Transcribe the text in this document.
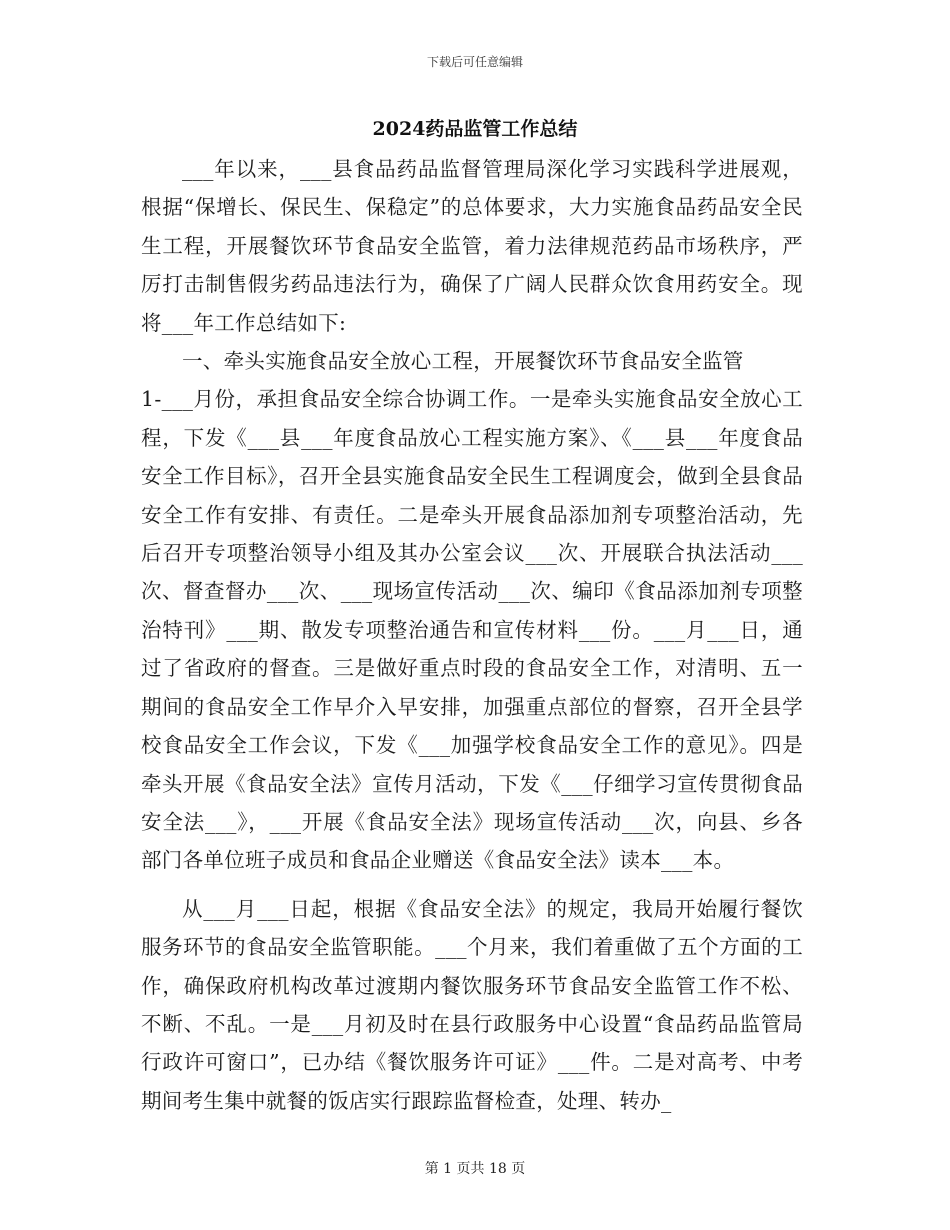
下载后可任意编辑
2024药品监管工作总结

___年以来，___县食品药品监督管理局深化学习实践科学进展观，根据“保增长、保民生、保稳定”的总体要求，大力实施食品药品安全民生工程，开展餐饮环节食品安全监管，着力法律规范药品市场秩序，严厉打击制售假劣药品违法行为，确保了广阔人民群众饮食用药安全。现将___年工作总结如下:

一、牵头实施食品安全放心工程，开展餐饮环节食品安全监管

1-___月份，承担食品安全综合协调工作。一是牵头实施食品安全放心工程，下发《___县___年度食品放心工程实施方案》、《___县___年度食品安全工作目标》，召开全县实施食品安全民生工程调度会，做到全县食品安全工作有安排、有责任。二是牵头开展食品添加剂专项整治活动，先后召开专项整治领导小组及其办公室会议___次、开展联合执法活动___次、督查督办___次、___现场宣传活动___次、编印《食品添加剂专项整治特刊》___期、散发专项整治通告和宣传材料___份。___月___日，通过了省政府的督查。三是做好重点时段的食品安全工作，对清明、五一期间的食品安全工作早介入早安排，加强重点部位的督察，召开全县学校食品安全工作会议，下发《___加强学校食品安全工作的意见》。四是牵头开展《食品安全法》宣传月活动，下发《___仔细学习宣传贯彻食品安全法___》，___开展《食品安全法》现场宣传活动___次，向县、乡各部门各单位班子成员和食品企业赠送《食品安全法》读本___本。

从___月___日起，根据《食品安全法》的规定，我局开始履行餐饮服务环节的食品安全监管职能。___个月来，我们着重做了五个方面的工作，确保政府机构改革过渡期内餐饮服务环节食品安全监管工作不松、不断、不乱。一是___月初及时在县行政服务中心设置“食品药品监管局行政许可窗口”，已办结《餐饮服务许可证》___件。二是对高考、中考期间考生集中就餐的饭店实行跟踪监督检查，处理、转办_

第 1 页共 18 页
